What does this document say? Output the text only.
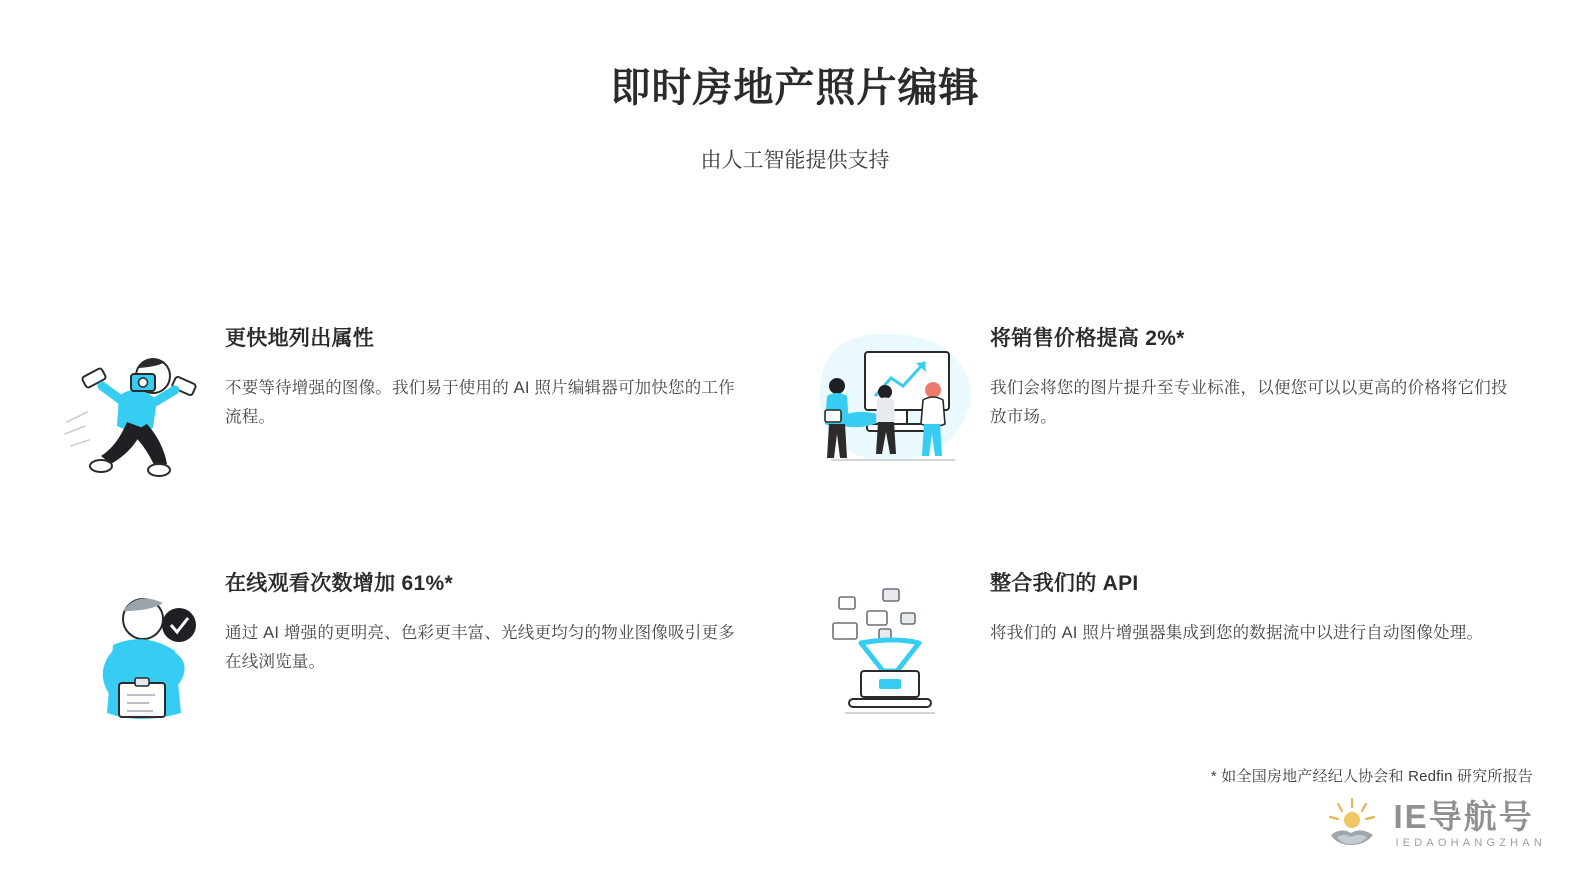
即时房地产照片编辑

由人工智能提供支持

更快地列出属性

不要等待增强的图像。我们易于使用的 AI 照片编辑器可加快您的工作流程。

将销售价格提高 2%*

我们会将您的图片提升至专业标准，以便您可以以更高的价格将它们投放市场。

在线观看次数增加 61%*

通过 AI 增强的更明亮、色彩更丰富、光线更均匀的物业图像吸引更多在线浏览量。

整合我们的 API

将我们的 AI 照片增强器集成到您的数据流中以进行自动图像处理。

* 如全国房地产经纪人协会和 Redfin 研究所报告
IE导航号
IEDAOHANGZHAN
